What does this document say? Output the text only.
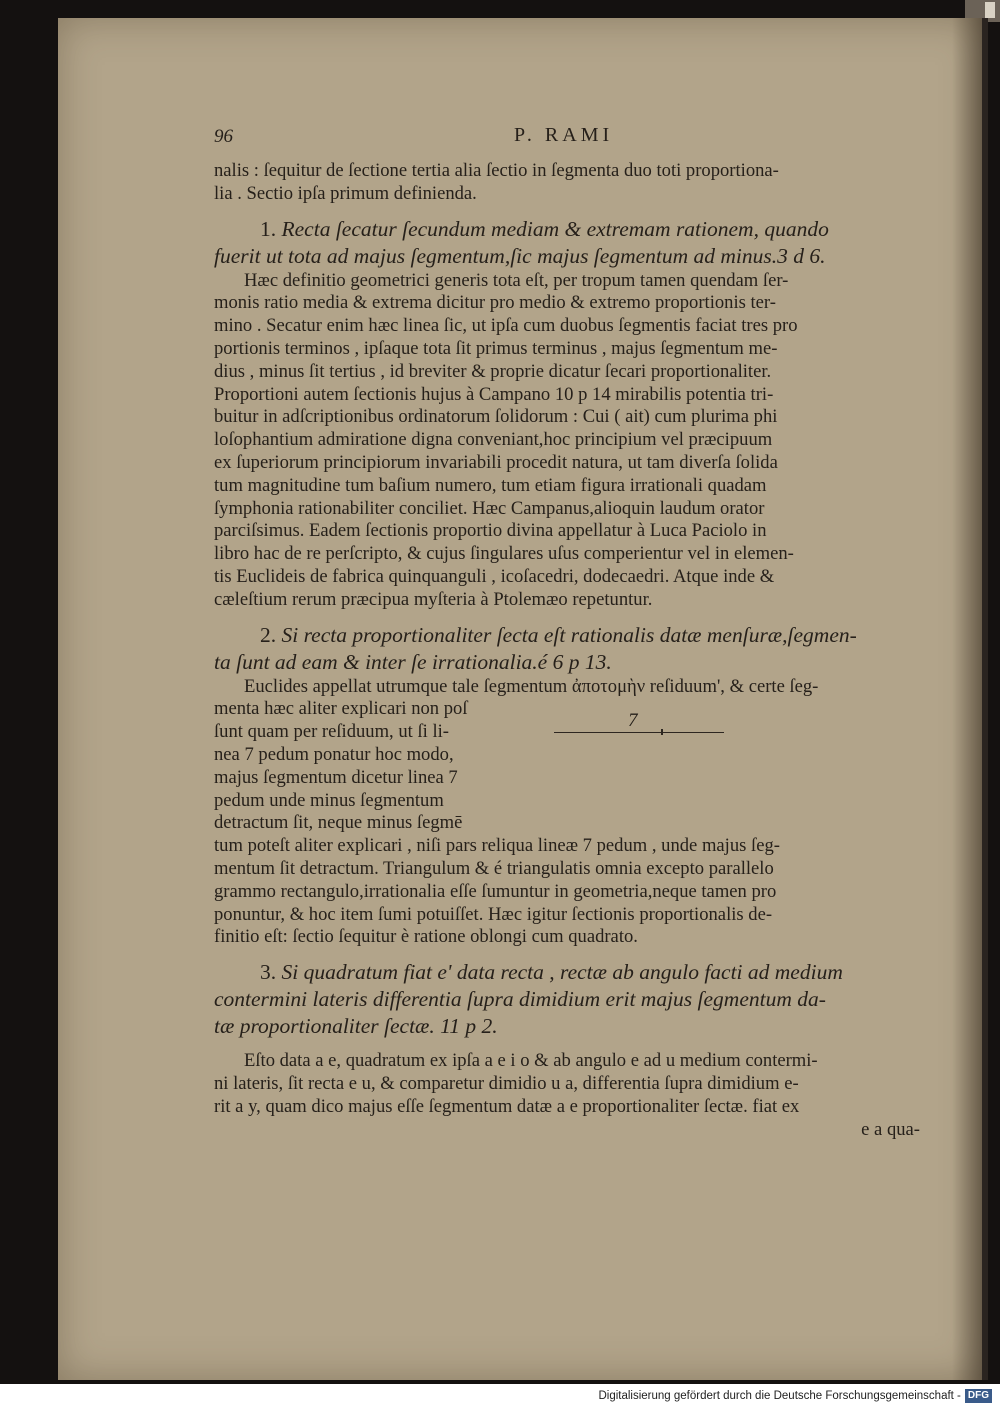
96	P. RAMI
nalis : ſequitur de ſectione tertia alia ſectio in ſegmenta duo toti proportiona-
lia . Sectio ipſa primum definienda.
1. Recta ſecatur ſecundum mediam & extremam rationem, quando
fuerit ut tota ad majus ſegmentum,ſic majus ſegmentum ad minus.3 d 6.
Hæc definitio geometrici generis tota eſt, per tropum tamen quendam ſer-
monis ratio media & extrema dicitur pro medio & extremo proportionis ter-
mino . Secatur enim hæc linea ſic, ut ipſa cum duobus ſegmentis faciat tres pro
portionis terminos , ipſaque tota ſit primus terminus , majus ſegmentum me-
dius , minus ſit tertius , id breviter & proprie dicatur ſecari proportionaliter.
Proportioni autem ſectionis hujus à Campano 10 p 14 mirabilis potentia tri-
buitur in adſcriptionibus ordinatorum ſolidorum : Cui ( ait) cum plurima phi
loſophantium admiratione digna conveniant,hoc principium vel præcipuum
ex ſuperiorum principiorum invariabili procedit natura, ut tam diverſa ſolida
tum magnitudine tum baſium numero, tum etiam figura irrationali quadam
ſymphonia rationabiliter conciliet. Hæc Campanus,alioquin laudum orator
parciſsimus. Eadem ſectionis proportio divina appellatur à Luca Paciolo in
libro hac de re perſcripto, & cujus ſingulares uſus comperientur vel in elemen-
tis Euclideis de fabrica quinquanguli , icoſacedri, dodecaedri. Atque inde &
cæleſtium rerum præcipua myſteria à Ptolemæo repetuntur.
2. Si recta proportionaliter ſecta eſt rationalis datæ menſuræ,ſegmen-
ta ſunt ad eam & inter ſe irrationalia.é 6 p 13.
Euclides appellat utrumque tale ſegmentum ἀποτομὴν reſiduum', & certe ſeg-
menta hæc aliter explicari non poſ
ſunt quam per reſiduum, ut ſi li-
nea 7 pedum ponatur hoc modo,
majus ſegmentum dicetur linea 7
pedum unde minus ſegmentum
detractum ſit, neque minus ſegmē
7
tum poteſt aliter explicari , niſi pars reliqua lineæ 7 pedum , unde majus ſeg-
mentum ſit detractum. Triangulum & é triangulatis omnia excepto parallelo
grammo rectangulo,irrationalia eſſe ſumuntur in geometria,neque tamen pro
ponuntur, & hoc item ſumi potuiſſet. Hæc igitur ſectionis proportionalis de-
finitio eſt: ſectio ſequitur è ratione oblongi cum quadrato.
3. Si quadratum fiat e' data recta , rectæ ab angulo facti ad medium
contermini lateris differentia ſupra dimidium erit majus ſegmentum da-
tæ proportionaliter ſectæ. 11 p 2.
Eſto data a e, quadratum ex ipſa a e i o & ab angulo e ad u medium contermi-
ni lateris, ſit recta e u, & comparetur dimidio u a, differentia ſupra dimidium e-
rit a y, quam dico majus eſſe ſegmentum datæ a e proportionaliter ſectæ. fiat ex
e a qua-
Digitalisierung gefördert durch die Deutsche Forschungsgemeinschaft - DFG
